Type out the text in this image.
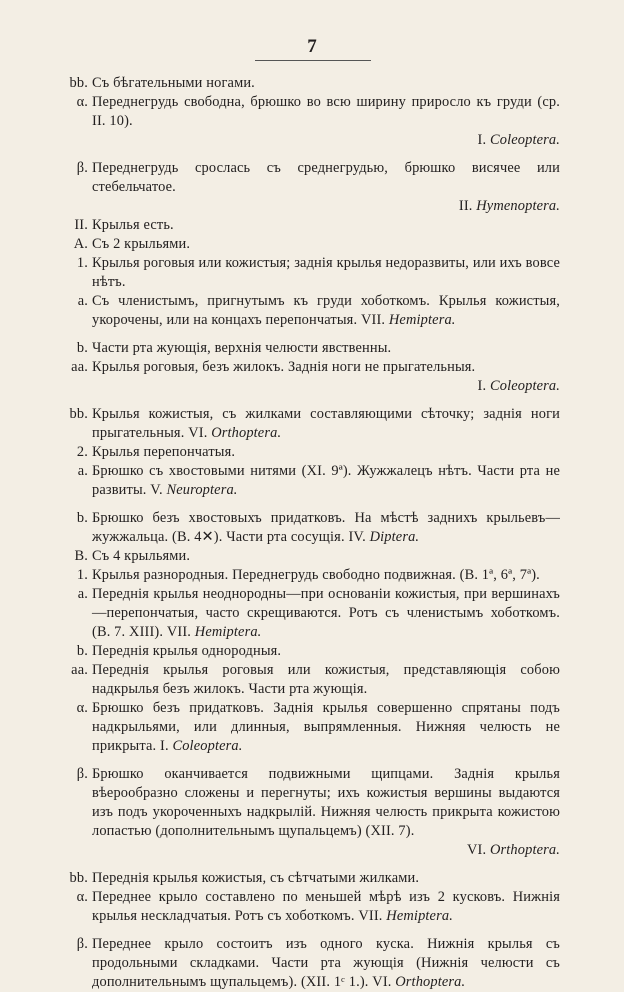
7
bb. Съ бѣгательными ногами.
α. Переднегрудь свободна, брюшко во всю ширину приросло къ груди (ср. II. 10).
I. Coleoptera.
β. Переднегрудь срослась съ среднегрудью, брюшко висячее или стебельчатое.
II. Hymenoptera.
II. Крылья есть.
A. Съ 2 крыльями.
1. Крылья роговыя или кожистыя; заднія крылья недоразвиты, или ихъ вовсе нѣтъ.
a. Съ членистымъ, пригнутымъ къ груди хоботкомъ. Крылья кожистыя, укорочены, или на концахъ перепончатыя. VII. Hemiptera.
b. Части рта жующія, верхнія челюсти явственны.
aa. Крылья роговыя, безъ жилокъ. Заднія ноги не прыгательныя.
I. Coleoptera.
bb. Крылья кожистыя, съ жилками составляющими сѣточку; заднія ноги прыгательныя. VI. Orthoptera.
2. Крылья перепончатыя.
a. Брюшко съ хвостовыми нитями (XI. 9ª). Жужжалецъ нѣтъ. Части рта не развиты. V. Neuroptera.
b. Брюшко безъ хвостовыхъ придатковъ. На мѣстѣ заднихъ крыльевъ—жужжальца. (B. 4✕). Части рта сосущія. IV. Diptera.
B. Съ 4 крыльями.
1. Крылья разнородныя. Переднегрудь свободно подвижная. (B. 1ª, 6ª, 7ª).
a. Переднія крылья неоднородны—при основаніи кожистыя, при вершинахъ—перепончатыя, часто скрещиваются. Ротъ съ членистымъ хоботкомъ. (B. 7. XIII). VII. Hemiptera.
b. Переднія крылья однородныя.
aa. Переднія крылья роговыя или кожистыя, представляющія собою надкрылья безъ жилокъ. Части рта жующія.
α. Брюшко безъ придатковъ. Заднія крылья совершенно спрятаны подъ надкрыльями, или длинныя, выпрямленныя. Нижняя челюсть не прикрыта. I. Coleoptera.
β. Брюшко оканчивается подвижными щипцами. Заднія крылья вѣерообразно сложены и перегнуты; ихъ кожистыя вершины выдаются изъ подъ укороченныхъ надкрылій. Нижняя челюсть прикрыта кожистою лопастью (дополнительнымъ щупальцемъ) (XII. 7).
VI. Orthoptera.
bb. Переднія крылья кожистыя, съ сѣтчатыми жилками.
α. Переднее крыло составлено по меньшей мѣрѣ изъ 2 кусковъ. Нижнія крылья нескладчатыя. Ротъ съ хоботкомъ. VII. Hemiptera.
β. Переднее крыло состоитъ изъ одного куска. Нижнія крылья съ продольными складками. Части рта жующія (Нижнія челюсти съ дополнительнымъ щупальцемъ). (XII. 1ᶜ 1.). VI. Orthoptera.
